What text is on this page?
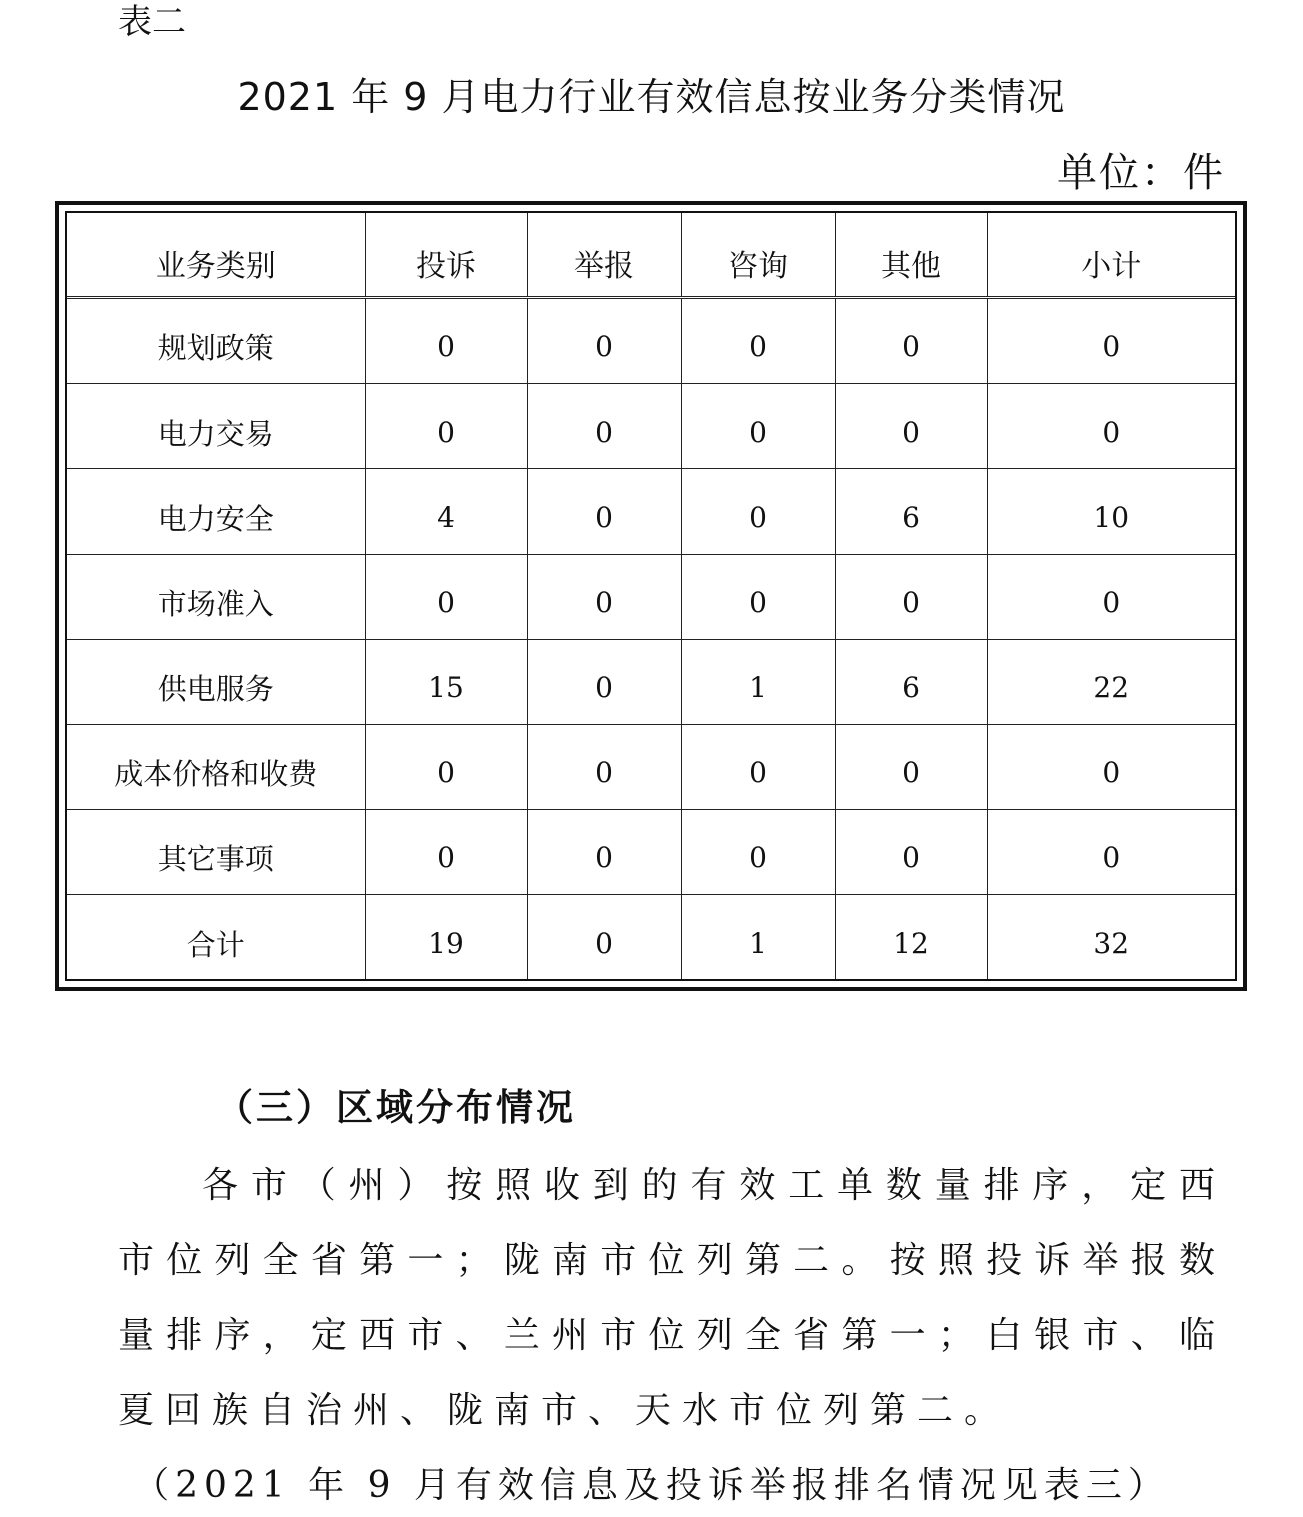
表二
2021 年 9 月电力行业有效信息按业务分类情况
单位：件
业务类别	投诉	举报	咨询	其他	小计
规划政策	0	0	0	0	0
电力交易	0	0	0	0	0
电力安全	4	0	0	6	10
市场准入	0	0	0	0	0
供电服务	15	0	1	6	22
成本价格和收费	0	0	0	0	0
其它事项	0	0	0	0	0
合计	19	0	1	12	32
（三）区域分布情况
各市（州）按照收到的有效工单数量排序，定西市位列全省第一；陇南市位列第二。按照投诉举报数量排序，定西市、兰州市位列全省第一；白银市、临夏回族自治州、陇南市、天水市位列第二。
（2021 年 9 月有效信息及投诉举报排名情况见表三）
